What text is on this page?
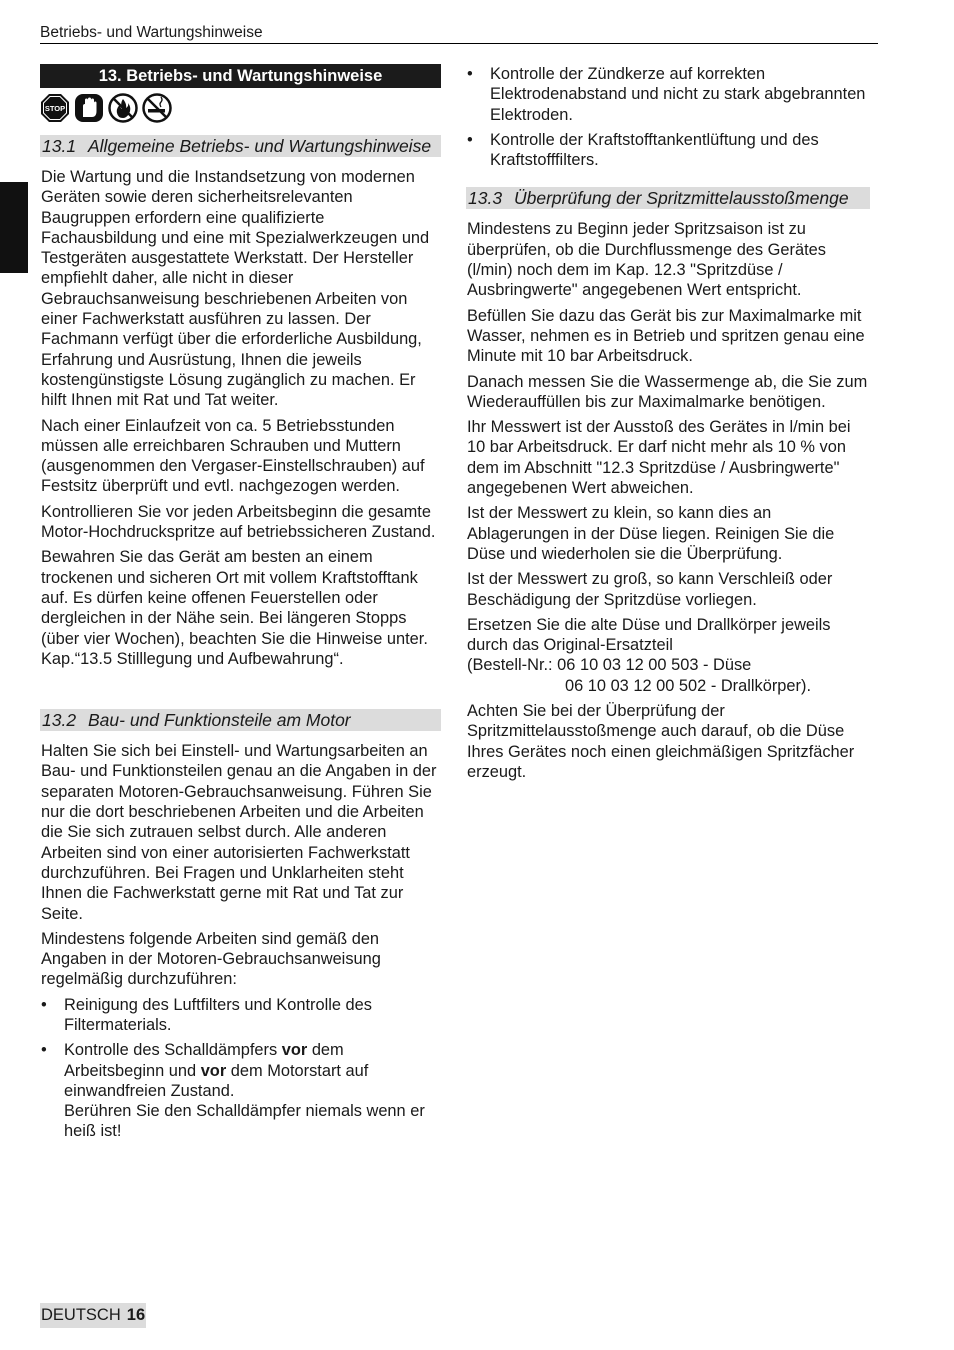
Betriebs- und Wartungshinweise
13. Betriebs- und Wartungshinweise
STOP
13.1 Allgemeine Betriebs- und Wartungshinweise

Die Wartung und die Instandsetzung von modernen Geräten sowie deren sicherheitsrelevanten Baugruppen erfordern eine qualifizierte Fachausbildung und eine mit Spezialwerkzeugen und Testgeräten ausgestattete Werkstatt. Der Hersteller empfiehlt daher, alle nicht in dieser Gebrauchsanweisung beschriebenen Arbeiten von einer Fachwerkstatt ausführen zu lassen. Der Fachmann verfügt über die erforderliche Ausbildung, Erfahrung und Ausrüstung, Ihnen die jeweils kostengünstigste Lösung zugänglich zu machen. Er hilft Ihnen mit Rat und Tat weiter.

Nach einer Einlaufzeit von ca. 5 Betriebsstunden müssen alle erreichbaren Schrauben und Muttern (ausgenommen den Vergaser-Einstellschrauben) auf Festsitz überprüft und evtl. nachgezogen werden.

Kontrollieren Sie vor jeden Arbeitsbeginn die gesamte Motor-Hochdruckspritze auf betriebssicheren Zustand.

Bewahren Sie das Gerät am besten an einem trockenen und sicheren Ort mit vollem Kraftstofftank auf. Es dürfen keine offenen Feuerstellen oder dergleichen in der Nähe sein. Bei längeren Stopps (über vier Wochen), beachten Sie die Hinweise unter. Kap.“13.5 Stilllegung und Aufbewahrung“.

13.2 Bau- und Funktionsteile am Motor

Halten Sie sich bei Einstell- und Wartungsarbeiten an Bau- und Funktionsteilen genau an die Angaben in der separaten Motoren-Gebrauchsanweisung. Führen Sie nur die dort beschriebenen Arbeiten und die Arbeiten die Sie sich zutrauen selbst durch. Alle anderen Arbeiten sind von einer autorisierten Fachwerkstatt durchzuführen. Bei Fragen und Unklarheiten steht Ihnen die Fachwerkstatt gerne mit Rat und Tat zur Seite.

Mindestens folgende Arbeiten sind gemäß den Angaben in der Motoren-Gebrauchsanweisung regelmäßig durchzuführen:

• Reinigung des Luftfilters und Kontrolle des Filtermaterials.
• Kontrolle des Schalldämpfers vor dem Arbeitsbeginn und vor dem Motorstart auf einwandfreien Zustand.
Berühren Sie den Schalldämpfer niemals wenn er heiß ist!
• Kontrolle der Zündkerze auf korrekten Elektrodenabstand und nicht zu stark abgebrannten Elektroden.
• Kontrolle der Kraftstofftankentlüftung und des Kraftstofffilters.
13.3 Überprüfung der Spritzmittelausstoßmenge

Mindestens zu Beginn jeder Spritzsaison ist zu überprüfen, ob die Durchflussmenge des Gerätes (l/min) noch dem im Kap. 12.3 "Spritzdüse / Ausbringwerte" angegebenen Wert entspricht.

Befüllen Sie dazu das Gerät bis zur Maximalmarke mit Wasser, nehmen es in Betrieb und spritzen genau eine Minute mit 10 bar Arbeitsdruck.

Danach messen Sie die Wassermenge ab, die Sie zum Wiederauffüllen bis zur Maximalmarke benötigen.

Ihr Messwert ist der Ausstoß des Gerätes in l/min bei 10 bar Arbeitsdruck. Er darf nicht mehr als 10 % von dem im Abschnitt "12.3 Spritzdüse / Ausbringwerte" angegebenen Wert abweichen.

Ist der Messwert zu klein, so kann dies an Ablagerungen in der Düse liegen. Reinigen Sie die Düse und wiederholen sie die Überprüfung.

Ist der Messwert zu groß, so kann Verschleiß oder Beschädigung der Spritzdüse vorliegen.

Ersetzen Sie die alte Düse und Drallkörper jeweils durch das Original-Ersatzteil
(Bestell-Nr.: 06 10 03 12 00 503 - Düse
06 10 03 12 00 502 - Drallkörper).

Achten Sie bei der Überprüfung der Spritzmittelausstoßmenge auch darauf, ob die Düse Ihres Gerätes noch einen gleichmäßigen Spritzfächer erzeugt.

DEUTSCH 16
